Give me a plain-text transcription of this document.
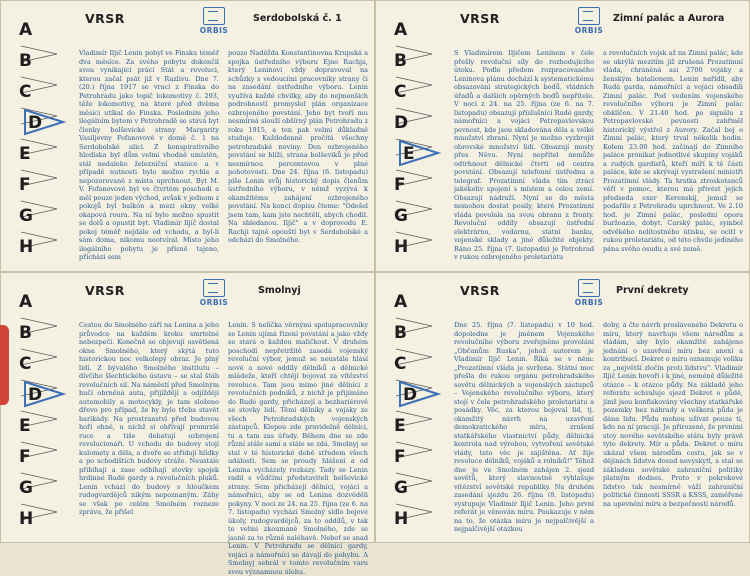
A
B
C
D
E
F
G
H
VRSR
ORBIS
Serdobolská č. 1

Vladimír Iljič Lenin pobyl ve Finsku téměř dva měsíce. Za svého pobytu dokončil svou vynikající práci Stát a revoluci, kterou začal psát již v Razlivu. Dne 7. (20.) října 1917 se vrací z Finska do Petrohradu jako topič lokomotivy č. 293, těže lokomotivy, na které před dvěma měsíci utíkal do Finska. Posledním jeho ilegálním bytem v Petrohradě se stává byt členky bolševické strany Margarity Vasiljevny Fofanovové v domě č. 1 na Serdobolské ulici. Z konspirativního hlediska byl dům velmi vhodně umístěn, stál nedaleko železniční stanice a v případě nutnosti bylo možno rychle a nepozorovaně z místa uprchnout. Byt M. V. Fofanovové byl ve čtvrtém poschodí a měl pouze jeden východ, avšak v jednom z pokojů byl balkón a mezi okny velké okapová roura. Na ní bylo možno spustit se dolů a opustit byt. Vladimír Iljič dostal pokoj téměř nejdále od vchodu, a byl-li sám doma, nikomu neotvíral. Místo jeho ilegálního pobytu je přísně tajeno, přícházi sem

pouze Naděžda Konstantinovna Krupská a spojka ústředního výboru Ejno Rachja, který Leninovi vždy dopravoval na schůzky s vedoucími pracovníky strany či na zasedání ústředního výboru. Lenin využívá každé chvilky, aby do nejmenších podrobností promyslel plán organizace ozbrojeného povstání. Jeho byt tvoří mu nesmírná slouží obšírný plán Petrohradu z roku 1915, a ten pak velmi důkladně studuje. Každodenně pročítá všechny petrohradské noviny. Den ozbrojeného povstání se blíží, strana bolševiků je před nesmírnou percentovou v plné pohotovosti. Dne 24. října (6. listopadu) píše Lenin svůj historický dopis členům ústředního výboru, v němž vyzývá k okamžitému zahájení ozbrojeného povstání. Na konci dopisu čteme: "Odešel jsem tam, kam jste nechtěli, abych chodil. Na shledanou. Iljič" a v doprovodu E. Rachji tajně opouští byt v Serdobolské a odchází do Smolného.

A
B
C
D
E
F
G
H
VRSR
ORBIS
Zimní palác a Aurora

S Vladimírem Iljičem Leninem v čele přešly revoluční síly do rozhodujícího útoku. Podle předem rozpracovaného Leninova plánu dochází k systematickému obsazování strategických bodů, vládních úřadů a dalších opěrných bodů nepřítele. V noci z 24. na 25. října (ze 6. na 7. listopadu) obsazují příslušníci Rudé gardy, námořníci a vojáci Petropavlovskou pevnost, kde jsou skladována děla a velké množství zbraní. Nyní je možno vyzbrojit obrovské množství lidí. Obsazují mosty přes Něvu. Nyní nepřítel nemůže odtrhnout dělnické čtvrti od centra povstání. Obsazují telefonní ústřednu a telegraf. Prozatímní vláda tím ztrácí jakékoliv spojení s místem a celou zemí. Obsazují nádraží. Nyní se do města nemohou dostat posily, které Prozatímní vláda povolala na svou obranu z fronty. Revoluční oddíly obsazují ústřední elektrárnu, vodárnu, státní banku, vojenské sklady a jiné důležité objekty. Ráno 25. října (7. listopadu) je Petrohrad v rukou ozbrojeného proletariátu

a revolučních vojsk až na Zimní palác, kde se ukrýlá mezitím již zrušená Prozatímní vláda, chráněná asi 2700 vojáky a ženským batalionem. Lenin nařídil, aby Rudá garda, námořníci a vojáci obsadili Zimní palác. Pod vedením vojenského revolučního výboru je Zimní palác obklíčen. V 21.40 hod. po signálu z Petropavlovské pevnosti zahřměl historický výstřel z Aurory. Začal boj o Zimní palác, který trval několik hodin. Kolem 23.00 hod. začínají do Zimního paláce pronikat jednotlivé skupiny vojáků a rudých gardistů, kteří míří k tě části paláce, kde se skrývají vystrašení ministři Prozatímní vlády. Ta hrstka ztroskotanců věří v pomoc, kterou má přivést jejich předseda exer Kerenskij, jemuž se podařilo z Petrohradu uprchnout. Ve 2.10 hod. je Zimní palác, poslední opora buržoazie, dobyt. Carský palác, symbol odvěkého nelítostného útisku, se ocitl v rukou proletariátu, od této chvíle jediného pána svého osudu a své země.

A
B
C
D
E
F
G
H
VRSR
ORBIS
Smolnyj

Cestou do Smolného září na Lenina a jeho průvodce na každém kroku smrtelné nebezpečí. Konečně se objevují osvětlená okna Smolného, který skýtá tuto historickou noc velkolepý obraz. Je plný lidí. Z bývalého Smolného institutu – dívčího šlechtického ústavu – se stal štáb revolučních sil. Na náměstí před Smolným hučí obrněná auta, přijíždějí a odjíždějí automobily a motocykly, je tam složeno dřevo pro případ, že by bylo třeba stavět barikády. Na prostranství před budovou hoří ohně, u nichž si ohřívají promrzlé ruce a tiše debatují ozbrojení revolucionáři. U vchodu do budovy stojí kulomety a děla, a dveře se střídají hlídky a po schodištích budovy stráže. Neustále přibíhají a zase odbíhají stovky spojek hrdinné Rudé gardy a revolučních pluků. Lenin vchází do budovy s hloučkem rudogvardějců nikým nepoznaným. Záhy se však po celém Smolném rozneze zpráva, že přišel

Lenin. S nelíčka věrnými spolupracovníky se Lenin ujímá řízení povstání a jako vždy se stará o každou maličkost. V druhém poschodí nepřetržitě zasedá vojenský revoluční výbor, jemuž se neustále hlásí nové a nové oddíly dělníků a dělnické mládeže, kteří chtějí bojovat za vítězství revoluce. Tam jsou mimo jiné dělníci z revolučních podniků, z nichž je přijímáno do Rudé gardy, přicházejí a bezbariérově se stovky lidí. Těmi dělníky a vojáky ze všech Petrohradských vojenských zástupců. Klepou zde pravidelně dělníci, tu a tam zas úřady. Během dne se zde různí stále samí a stále se zdá. Smolnyj se stal v té historické době středem všech událostí. Sem se proudy hlášení a od Lenina vycházely rozkazy. Tady se Lenin radil s vůdčími představiteli bolševické strany. Sem přicházejí dělníci, vojáci a námořníci, aby se od Lenina dozvěděli pokyny. V noci ze 24. na 25. října (ze 6. na 7. listopadu) vychází Smolný sídlo bojové úkoly, rudogvardějců, za to oddílů, v tak to velmi zkoumané Smolného, zde se jasně za to různě naléhavě. Neboť se snad Lenin. V Petrohradu se dělníci gardy, vojáci a námořníci se dávají do pohybu. A Smolnyj sehrál v tomto revolučním varu svou významnou úlohu.

A
B
C
D
E
F
G
H
VRSR
ORBIS
První dekrety

Dne 25. října (7. listopadu) v 10 hod. dopoledne je jménem Vojenského revolučního výboru zveřejněno provolání „Občanům Ruska", jehož autorem je Vladimír Iljič Lenin. Říká se v něm: „Prozatímní vláda je svržena. Státní moc přešla do rukou orgánu petrohradského sovětu dělnických a vojenských zástupců – Vojenského revolučního výboru, který stojí v čele petrohradského proletariátu a posádky. Věc, za kterou bojoval lid, tj. okamžitý návrh na uzavření demokratického míru, zrušení statkářského vlastnictví půdy, dělnická kontrola nad výrobou, vytvoření sovětské vlády, tato věc je zajištěna. Ať žije revoluce dělníků, vojáků a rolníků!" Téhož dne je ve Smolném zahájen 2. sjezd sovětů, který slavnostně vyhlašuje vítězství sovětské republiky. Na druhém zasedání sjezdu 26. října (8. listopadu) vystupuje Vladimír Iljič Lenin. Jeho první referát je věnován míru. Poukazuje v něm na to, že otázka míru je nejpalčivější a nejpalčivější otázkou

doby, a čte návrh prosláveného Dekretu o míru, který navrhuje všem národům a vládám, aby bylo okamžitě zahájeno jednání o uzavření míru bez anexí a kontribucí. Dekret o míru oznamuje voliku za „největší zločin proti lidstvu". Vladimír Iljič Lenin hovoří i k jiné, neméně důležité otázce – k otázce půdy. Na základě jeho referátu schvaluje sjezd Dekret o půdě, jímž jsou konfiskovány všechny statkářské pozemky bez náhrady a veškerá půda je dána lidu. Půdu mohou užívat pouze ti, kdo na ní pracují. Je přirozené, že prvními stoy novéhо sovětského státu byly právě tyto dekrety. Mír a půda. Dekret o míru ukázal všem národům cestu, jak se v dějinách lidstva dosud nevyskytl, a stal se základem sovětské zahraniční politiky platným dodnes. Proto v pokrokové lidstvo tak nesmírně váží zahraniční politické činnosti SSSR a KSSS, zaměřené na upevnění míru a bezpečnosti národů.
